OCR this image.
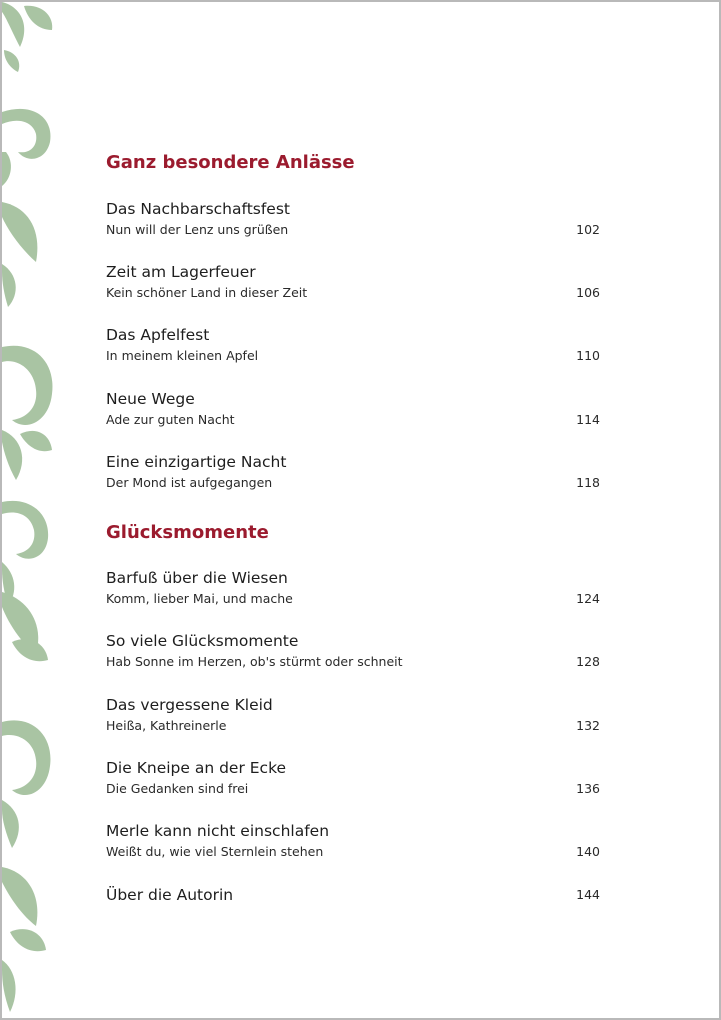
Ganz besondere Anlässe
Das Nachbarschaftsfest
Nun will der Lenz uns grüßen	102
Zeit am Lagerfeuer
Kein schöner Land in dieser Zeit	106
Das Apfelfest
In meinem kleinen Apfel	110
Neue Wege
Ade zur guten Nacht	114
Eine einzigartige Nacht
Der Mond ist aufgegangen	118
Glücksmomente
Barfuß über die Wiesen
Komm, lieber Mai, und mache	124
So viele Glücksmomente
Hab Sonne im Herzen, ob's stürmt oder schneit	128
Das vergessene Kleid
Heißa, Kathreinerle	132
Die Kneipe an der Ecke
Die Gedanken sind frei	136
Merle kann nicht einschlafen
Weißt du, wie viel Sternlein stehen	140
Über die Autorin	144
